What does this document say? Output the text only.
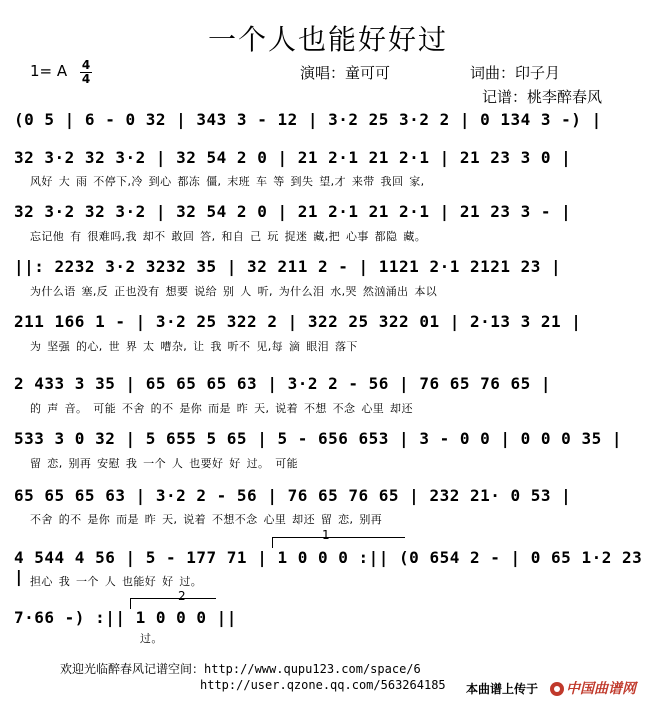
一个人也能好好过
1= A 4
4	演唱：童可可	词曲：印子月
记谱：桃李醉春风
(0 5 | 6 - 0 32 | 343 3 - 12 | 3·2 25 3·2 2 | 0 134 3 -) |
32 3·2 32 3·2 | 32 54 2 0 | 21 2·1 21 2·1 | 21 23 3 0 |
风好 大 雨 不停下,冷 到心 都冻 僵, 末班 车 等 到失 望,才 来带 我回 家,
32 3·2 32 3·2 | 32 54 2 0 | 21 2·1 21 2·1 | 21 23 3 - |
忘记他 有 很难吗,我 却不 敢回 答, 和自 己 玩 捉迷 藏,把 心事 都隐 藏。
||: 2232 3·2 3232 35 | 32 211 2 - | 1121 2·1 2121 23 |
为什么语 塞,反 正也没有 想要 说给 别 人 听, 为什么泪 水,哭 然汹涌出 本以
211 166 1 - | 3·2 25 322 2 | 322 25 322 01 | 2·13 3 21 |
为 坚强 的心, 世 界 太 嘈杂, 让 我 听不 见,每 滴 眼泪 落下
2 433 3 35 | 65 65 65 63 | 3·2 2 - 56 | 76 65 76 65 |
的 声 音。 可能 不舍 的不 是你 而是 昨 天, 说着 不想 不念 心里 却还
533 3 0 32 | 5 655 5 65 | 5 - 656 653 | 3 - 0 0 | 0 0 0 35 |
留 恋, 别再 安慰 我 一个 人 也要好 好 过。 可能
65 65 65 63 | 3·2 2 - 56 | 76 65 76 65 | 232 21· 0 53 |
不舍 的不 是你 而是 昨 天, 说着 不想不念 心里 却还 留 恋, 别再
1
4 544 4 56 | 5 - 177 71 | 1 0 0 0 :|| (0 654 2 - | 0 65 1·2 23 | 担心 我 一个 人 也能好 好 过。
2
7·66 -) :|| 1 0 0 0 ||
过。
欢迎光临醉春风记谱空间：http://www.qupu123.com/space/6
http://user.qzone.qq.com/563264185 本曲谱上传于	中国曲谱网
